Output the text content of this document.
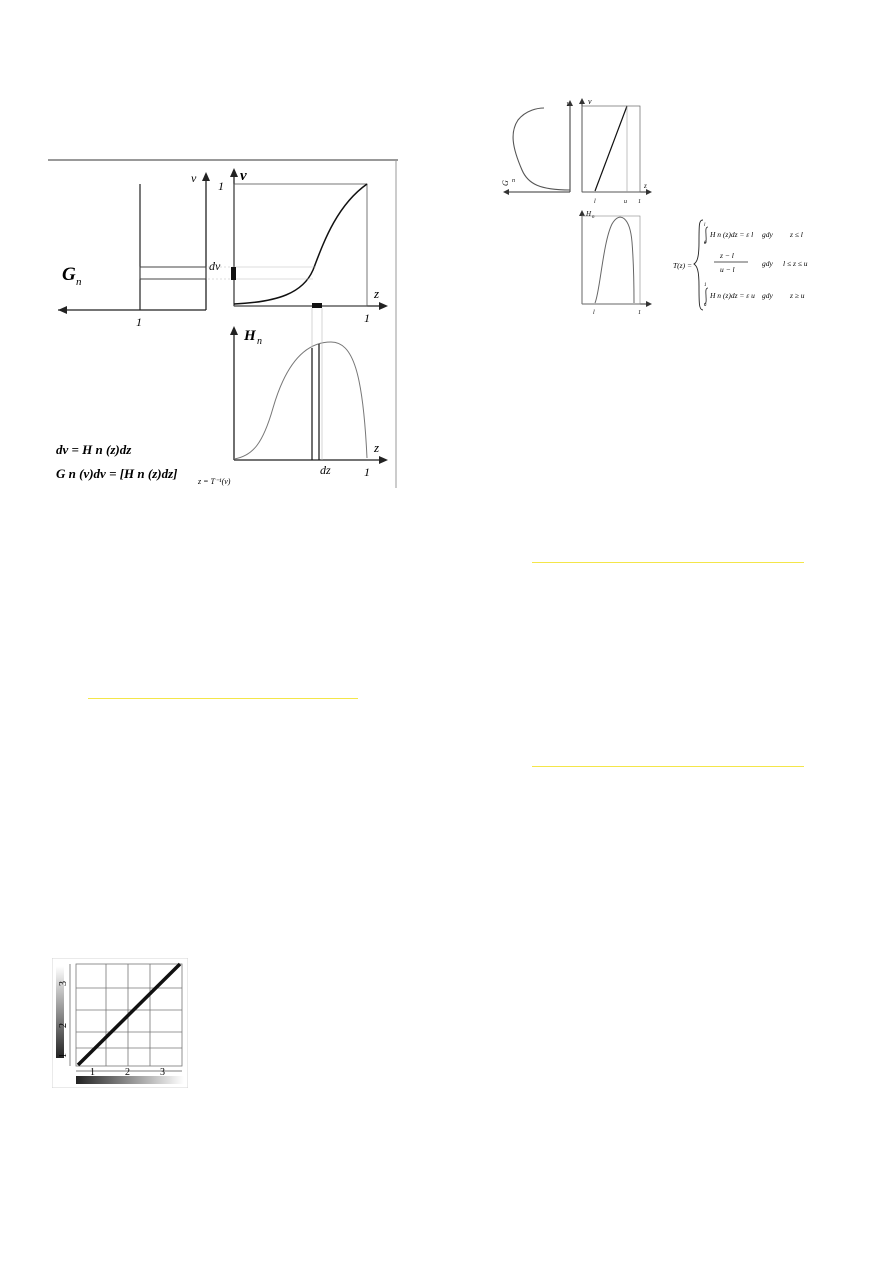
G n
1
v
dv
v
1
z
1
H n
z
dz	1
dv = H n (z)dz
G n (v)dv = [H n (z)dz]
z = T⁻¹(v)
G n
v
1
z
l	u 1
H n
l	1
T(z) =
l
0
H n (z)dz = ε l gdy z ≤ l
z − l
u − l
gdy l ≤ z ≤ u
1
u
H n (z)dz = ε u gdy z ≥ u
1
2
3
1	2	3
